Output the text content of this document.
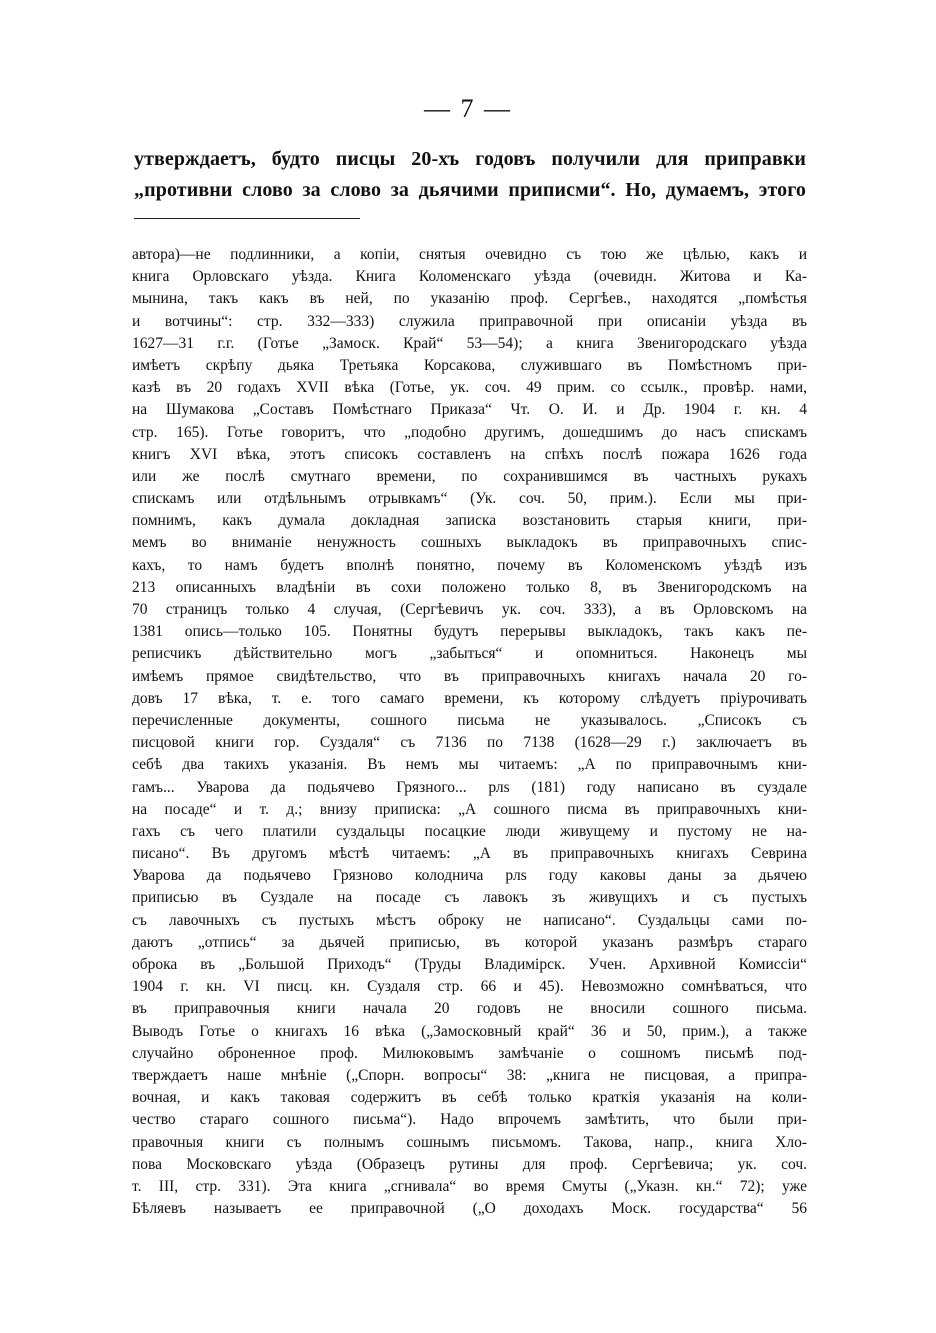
— 7 —
утверждаетъ, будто писцы 20-хъ годовъ получили для приправки
„противни слово за слово за дьячими приписми“. Но, думаемъ, этого
автора)—не подлинники, а копіи, снятыя очевидно съ тою же цѣлью, какъ и
книга Орловскаго уѣзда. Книга Коломенскаго уѣзда (очевидн. Житова и Ка-
мынина, такъ какъ въ ней, по указанію проф. Сергѣев., находятся „помѣстья
и вотчины“: стр. 332—333) служила приправочной при описаніи уѣзда въ
1627—31 г.г. (Готье „Замоск. Край“ 53—54); а книга Звенигородскаго уѣзда
имѣетъ скрѣпу дьяка Третьяка Корсакова, служившаго въ Помѣстномъ при-
казѣ въ 20 годахъ XVII вѣка (Готье, ук. соч. 49 прим. со ссылк., провѣр. нами,
на Шумакова „Составъ Помѣстнаго Приказа“ Чт. О. И. и Др. 1904 г. кн. 4
стр. 165). Готье говоритъ, что „подобно другимъ, дошедшимъ до насъ спискамъ
книгъ XVI вѣка, этотъ списокъ составленъ на спѣхъ послѣ пожара 1626 года
или же послѣ смутнаго времени, по сохранившимся въ частныхъ рукахъ
спискамъ или отдѣльнымъ отрывкамъ“ (Ук. соч. 50, прим.). Если мы при-
помнимъ, какъ думала докладная записка возстановить старыя книги, при-
мемъ во вниманіе ненужность сошныхъ выкладокъ въ приправочныхъ спис-
кахъ, то намъ будетъ вполнѣ понятно, почему въ Коломенскомъ уѣздѣ изъ
213 описанныхъ владѣніи въ сохи положено только 8, въ Звенигородскомъ на
70 страницъ только 4 случая, (Сергѣевичъ ук. соч. 333), а въ Орловскомъ на
1381 опись—только 105. Понятны будутъ перерывы выкладокъ, такъ какъ пе-
реписчикъ дѣйствительно могъ „забыться“ и опомниться. Наконецъ мы
имѣемъ прямое свидѣтельство, что въ приправочныхъ книгахъ начала 20 го-
довъ 17 вѣка, т. е. того самаго времени, къ которому слѣдуетъ пріурочивать
перечисленные документы, сошного письма не указывалось. „Списокъ съ
писцовой книги гор. Суздаля“ съ 7136 по 7138 (1628—29 г.) заключаетъ въ
себѣ два такихъ указанія. Въ немъ мы читаемъ: „А по приправочнымъ кни-
гамъ... Уварова да подьячево Грязного... рлѕ (181) году написано въ суздале
на посаде“ и т. д.; внизу приписка: „А сошного писма въ приправочныхъ кни-
гахъ съ чего платили суздальцы посацкие люди живущему и пустому не на-
писано“. Въ другомъ мѣстѣ читаемъ: „А въ приправочныхъ книгахъ Севрина
Уварова да подьячево Грязново колоднича рлѕ году каковы даны за дьячею
приписью въ Суздале на посаде съ лавокъ зъ живущихъ и съ пустыхъ
съ лавочныхъ съ пустыхъ мѣстъ оброку не написано“. Суздальцы сами по-
даютъ „отпись“ за дьячей приписью, въ которой указанъ размѣръ стараго
оброка въ „Большой Приходъ“ (Труды Владимірск. Учен. Архивной Комиссіи“
1904 г. кн. VI писц. кн. Суздаля стр. 66 и 45). Невозможно сомнѣваться, что
въ приправочныя книги начала 20 годовъ не вносили сошного письма.
Выводъ Готье о книгахъ 16 вѣка („Замосковный край“ 36 и 50, прим.), а также
случайно оброненное проф. Милюковымъ замѣчаніе о сошномъ письмѣ под-
тверждаетъ наше мнѣніе („Спорн. вопросы“ 38: „книга не писцовая, а припра-
вочная, и какъ таковая содержитъ въ себѣ только краткія указанія на коли-
чество стараго сошного письма“). Надо впрочемъ замѣтить, что были при-
правочныя книги съ полнымъ сошнымъ письмомъ. Такова, напр., книга Хло-
пова Московскаго уѣзда (Образецъ рутины для проф. Сергѣевича; ук. соч.
т. III, стр. 331). Эта книга „сгнивала“ во время Смуты („Указн. кн.“ 72); уже
Бѣляевъ называетъ ее приправочной („О доходахъ Моск. государства“ 56
